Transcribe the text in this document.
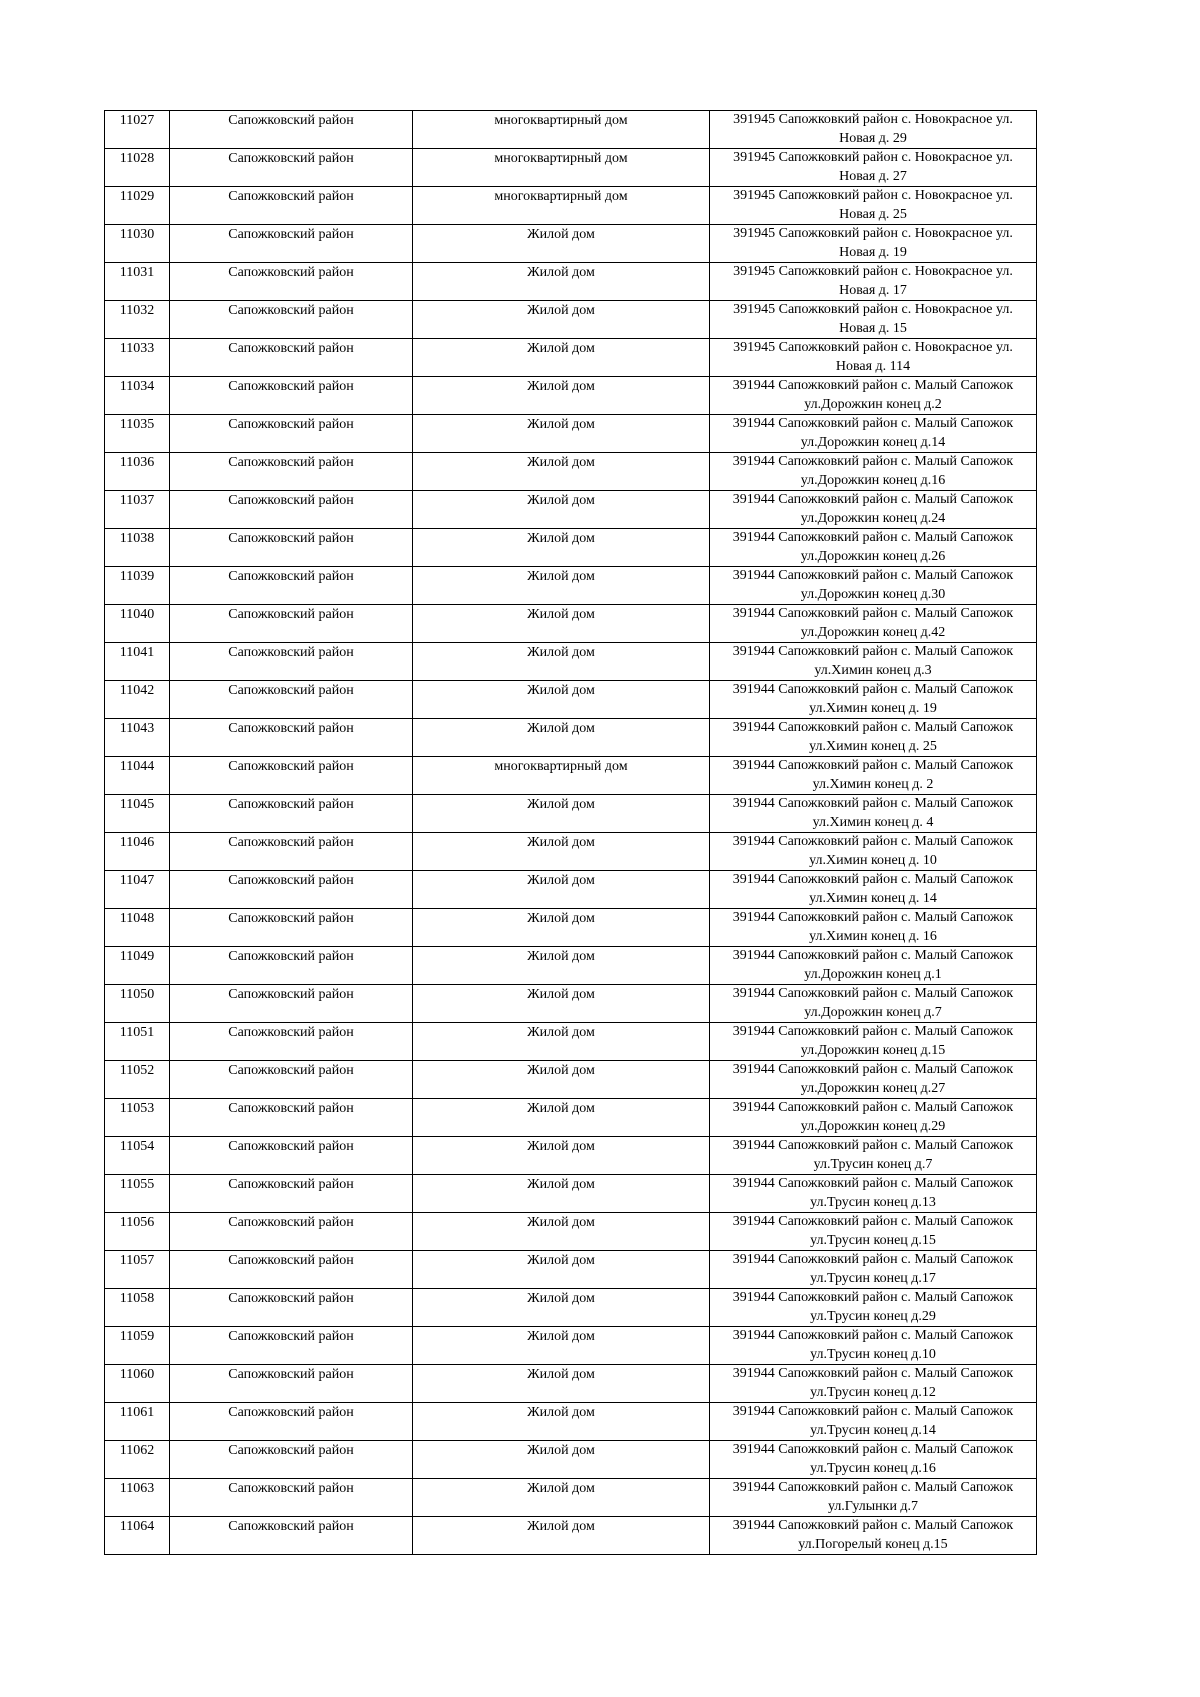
11027	Сапожковский район	многоквартирный дом	391945 Сапожковкий район с. Новокрасное ул. Новая д. 29
11028	Сапожковский район	многоквартирный дом	391945 Сапожковкий район с. Новокрасное ул. Новая д. 27
11029	Сапожковский район	многоквартирный дом	391945 Сапожковкий район с. Новокрасное ул. Новая д. 25
11030	Сапожковский район	Жилой дом	391945 Сапожковкий район с. Новокрасное ул. Новая д. 19
11031	Сапожковский район	Жилой дом	391945 Сапожковкий район с. Новокрасное ул. Новая д. 17
11032	Сапожковский район	Жилой дом	391945 Сапожковкий район с. Новокрасное ул. Новая д. 15
11033	Сапожковский район	Жилой дом	391945 Сапожковкий район с. Новокрасное ул. Новая д. 114
11034	Сапожковский район	Жилой дом	391944 Сапожковкий район с. Малый Сапожок ул.Дорожкин конец д.2
11035	Сапожковский район	Жилой дом	391944 Сапожковкий район с. Малый Сапожок ул.Дорожкин конец д.14
11036	Сапожковский район	Жилой дом	391944 Сапожковкий район с. Малый Сапожок ул.Дорожкин конец д.16
11037	Сапожковский район	Жилой дом	391944 Сапожковкий район с. Малый Сапожок ул.Дорожкин конец д.24
11038	Сапожковский район	Жилой дом	391944 Сапожковкий район с. Малый Сапожок ул.Дорожкин конец д.26
11039	Сапожковский район	Жилой дом	391944 Сапожковкий район с. Малый Сапожок ул.Дорожкин конец д.30
11040	Сапожковский район	Жилой дом	391944 Сапожковкий район с. Малый Сапожок ул.Дорожкин конец д.42
11041	Сапожковский район	Жилой дом	391944 Сапожковкий район с. Малый Сапожок ул.Химин конец д.3
11042	Сапожковский район	Жилой дом	391944 Сапожковкий район с. Малый Сапожок ул.Химин конец д. 19
11043	Сапожковский район	Жилой дом	391944 Сапожковкий район с. Малый Сапожок ул.Химин конец д. 25
11044	Сапожковский район	многоквартирный дом	391944 Сапожковкий район с. Малый Сапожок ул.Химин конец д. 2
11045	Сапожковский район	Жилой дом	391944 Сапожковкий район с. Малый Сапожок ул.Химин конец д. 4
11046	Сапожковский район	Жилой дом	391944 Сапожковкий район с. Малый Сапожок ул.Химин конец д. 10
11047	Сапожковский район	Жилой дом	391944 Сапожковкий район с. Малый Сапожок ул.Химин конец д. 14
11048	Сапожковский район	Жилой дом	391944 Сапожковкий район с. Малый Сапожок ул.Химин конец д. 16
11049	Сапожковский район	Жилой дом	391944 Сапожковкий район с. Малый Сапожок ул.Дорожкин конец д.1
11050	Сапожковский район	Жилой дом	391944 Сапожковкий район с. Малый Сапожок ул.Дорожкин конец д.7
11051	Сапожковский район	Жилой дом	391944 Сапожковкий район с. Малый Сапожок ул.Дорожкин конец д.15
11052	Сапожковский район	Жилой дом	391944 Сапожковкий район с. Малый Сапожок ул.Дорожкин конец д.27
11053	Сапожковский район	Жилой дом	391944 Сапожковкий район с. Малый Сапожок ул.Дорожкин конец д.29
11054	Сапожковский район	Жилой дом	391944 Сапожковкий район с. Малый Сапожок ул.Трусин конец д.7
11055	Сапожковский район	Жилой дом	391944 Сапожковкий район с. Малый Сапожок ул.Трусин конец д.13
11056	Сапожковский район	Жилой дом	391944 Сапожковкий район с. Малый Сапожок ул.Трусин конец д.15
11057	Сапожковский район	Жилой дом	391944 Сапожковкий район с. Малый Сапожок ул.Трусин конец д.17
11058	Сапожковский район	Жилой дом	391944 Сапожковкий район с. Малый Сапожок ул.Трусин конец д.29
11059	Сапожковский район	Жилой дом	391944 Сапожковкий район с. Малый Сапожок ул.Трусин конец д.10
11060	Сапожковский район	Жилой дом	391944 Сапожковкий район с. Малый Сапожок ул.Трусин конец д.12
11061	Сапожковский район	Жилой дом	391944 Сапожковкий район с. Малый Сапожок ул.Трусин конец д.14
11062	Сапожковский район	Жилой дом	391944 Сапожковкий район с. Малый Сапожок ул.Трусин конец д.16
11063	Сапожковский район	Жилой дом	391944 Сапожковкий район с. Малый Сапожок ул.Гулынки д.7
11064	Сапожковский район	Жилой дом	391944 Сапожковкий район с. Малый Сапожок ул.Погорелый конец д.15
